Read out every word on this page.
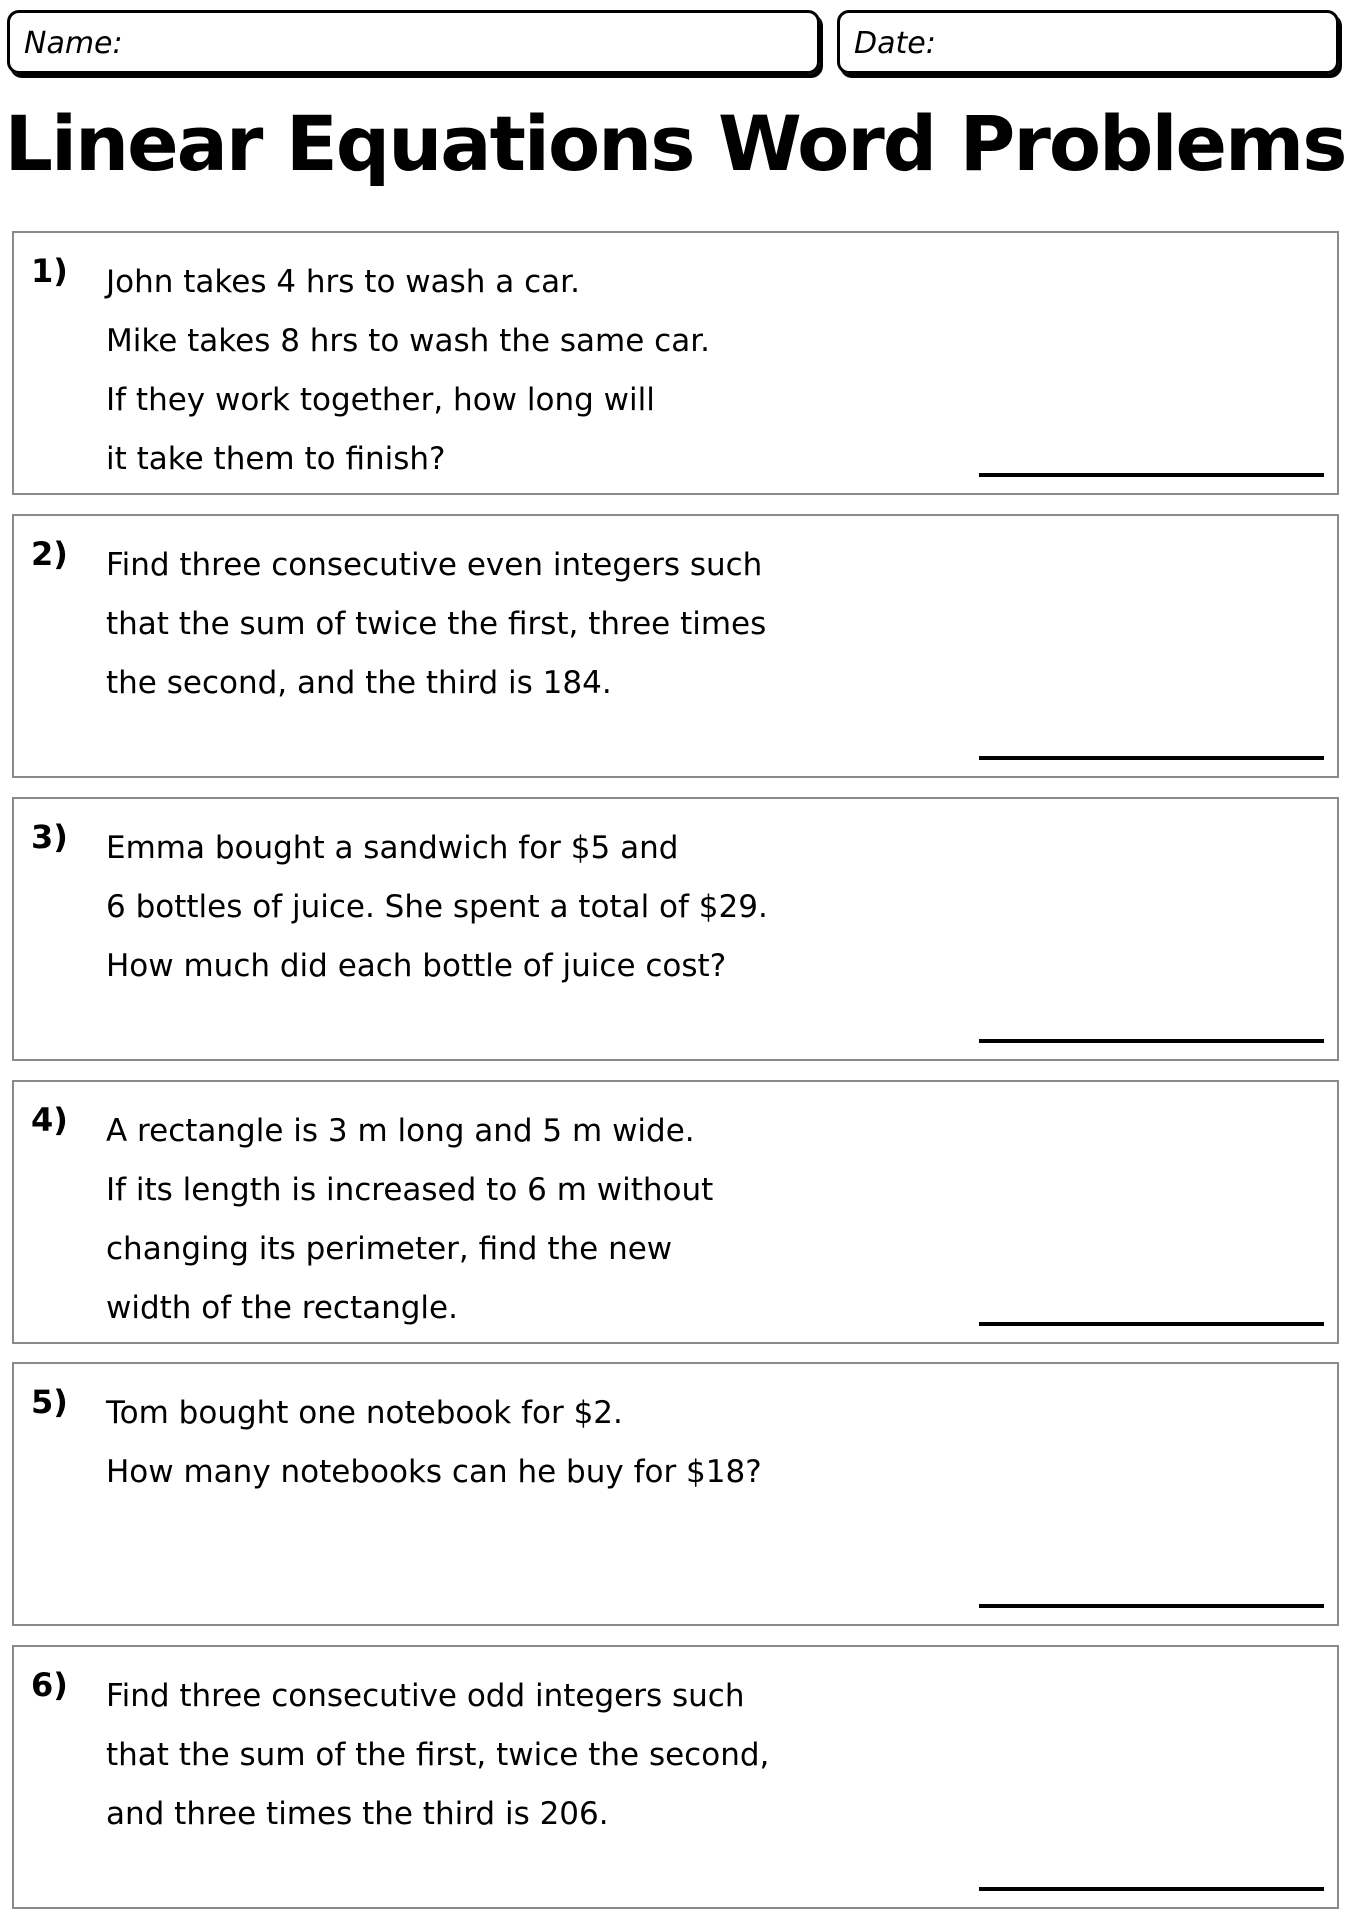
Name:	Date:
Linear Equations Word Problems
1) John takes 4 hrs to wash a car.
Mike takes 8 hrs to wash the same car.
If they work together, how long will
it take them to finish?
2) Find three consecutive even integers such
that the sum of twice the first, three times
the second, and the third is 184.
3) Emma bought a sandwich for $5 and
6 bottles of juice. She spent a total of $29.
How much did each bottle of juice cost?
4) A rectangle is 3 m long and 5 m wide.
If its length is increased to 6 m without
changing its perimeter, find the new
width of the rectangle.
5) Tom bought one notebook for $2.
How many notebooks can he buy for $18?
6) Find three consecutive odd integers such
that the sum of the first, twice the second,
and three times the third is 206.
